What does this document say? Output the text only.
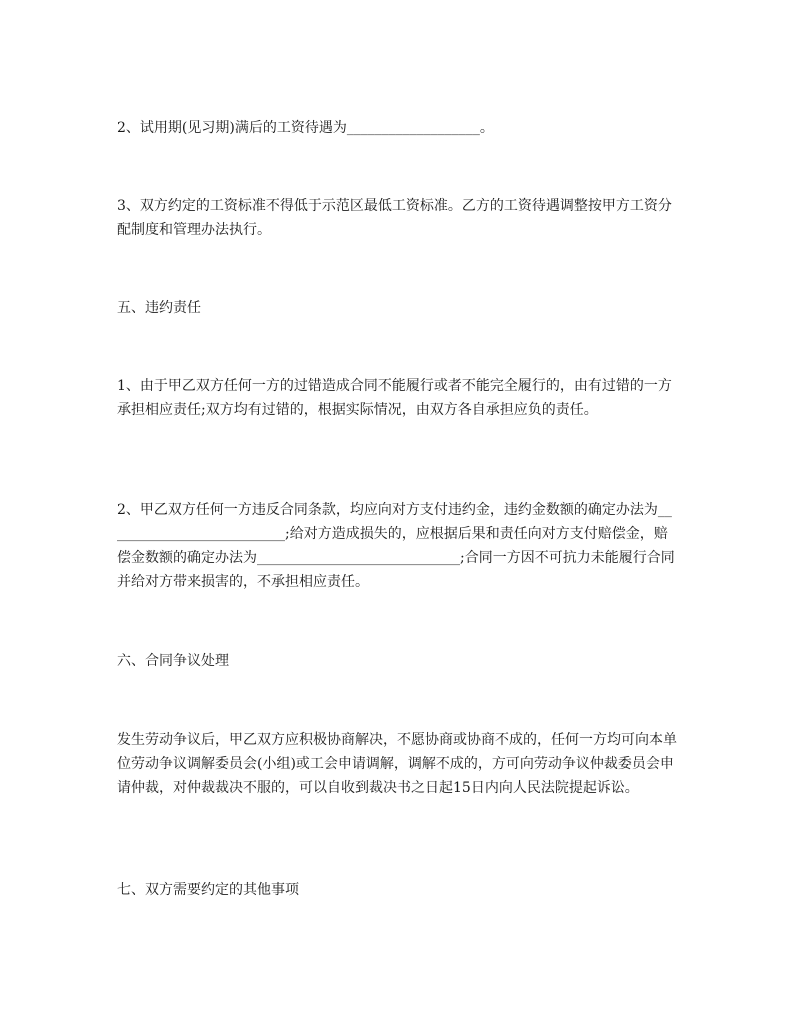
2、试用期(见习期)满后的工资待遇为___________________。

3、双方约定的工资标准不得低于示范区最低工资标准。乙方的工资待遇调整按甲方工资分配制度和管理办法执行。

五、违约责任

1、由于甲乙双方任何一方的过错造成合同不能履行或者不能完全履行的，由有过错的一方承担相应责任;双方均有过错的，根据实际情况，由双方各自承担应负的责任。

2、甲乙双方任何一方违反合同条款，均应向对方支付违约金，违约金数额的确定办法为__________________________;给对方造成损失的，应根据后果和责任向对方支付赔偿金，赔偿金数额的确定办法为_____________________________;合同一方因不可抗力未能履行合同并给对方带来损害的，不承担相应责任。

六、合同争议处理

发生劳动争议后，甲乙双方应积极协商解决，不愿协商或协商不成的，任何一方均可向本单位劳动争议调解委员会(小组)或工会申请调解，调解不成的，方可向劳动争议仲裁委员会申请仲裁，对仲裁裁决不服的，可以自收到裁决书之日起15日内向人民法院提起诉讼。

七、双方需要约定的其他事项
